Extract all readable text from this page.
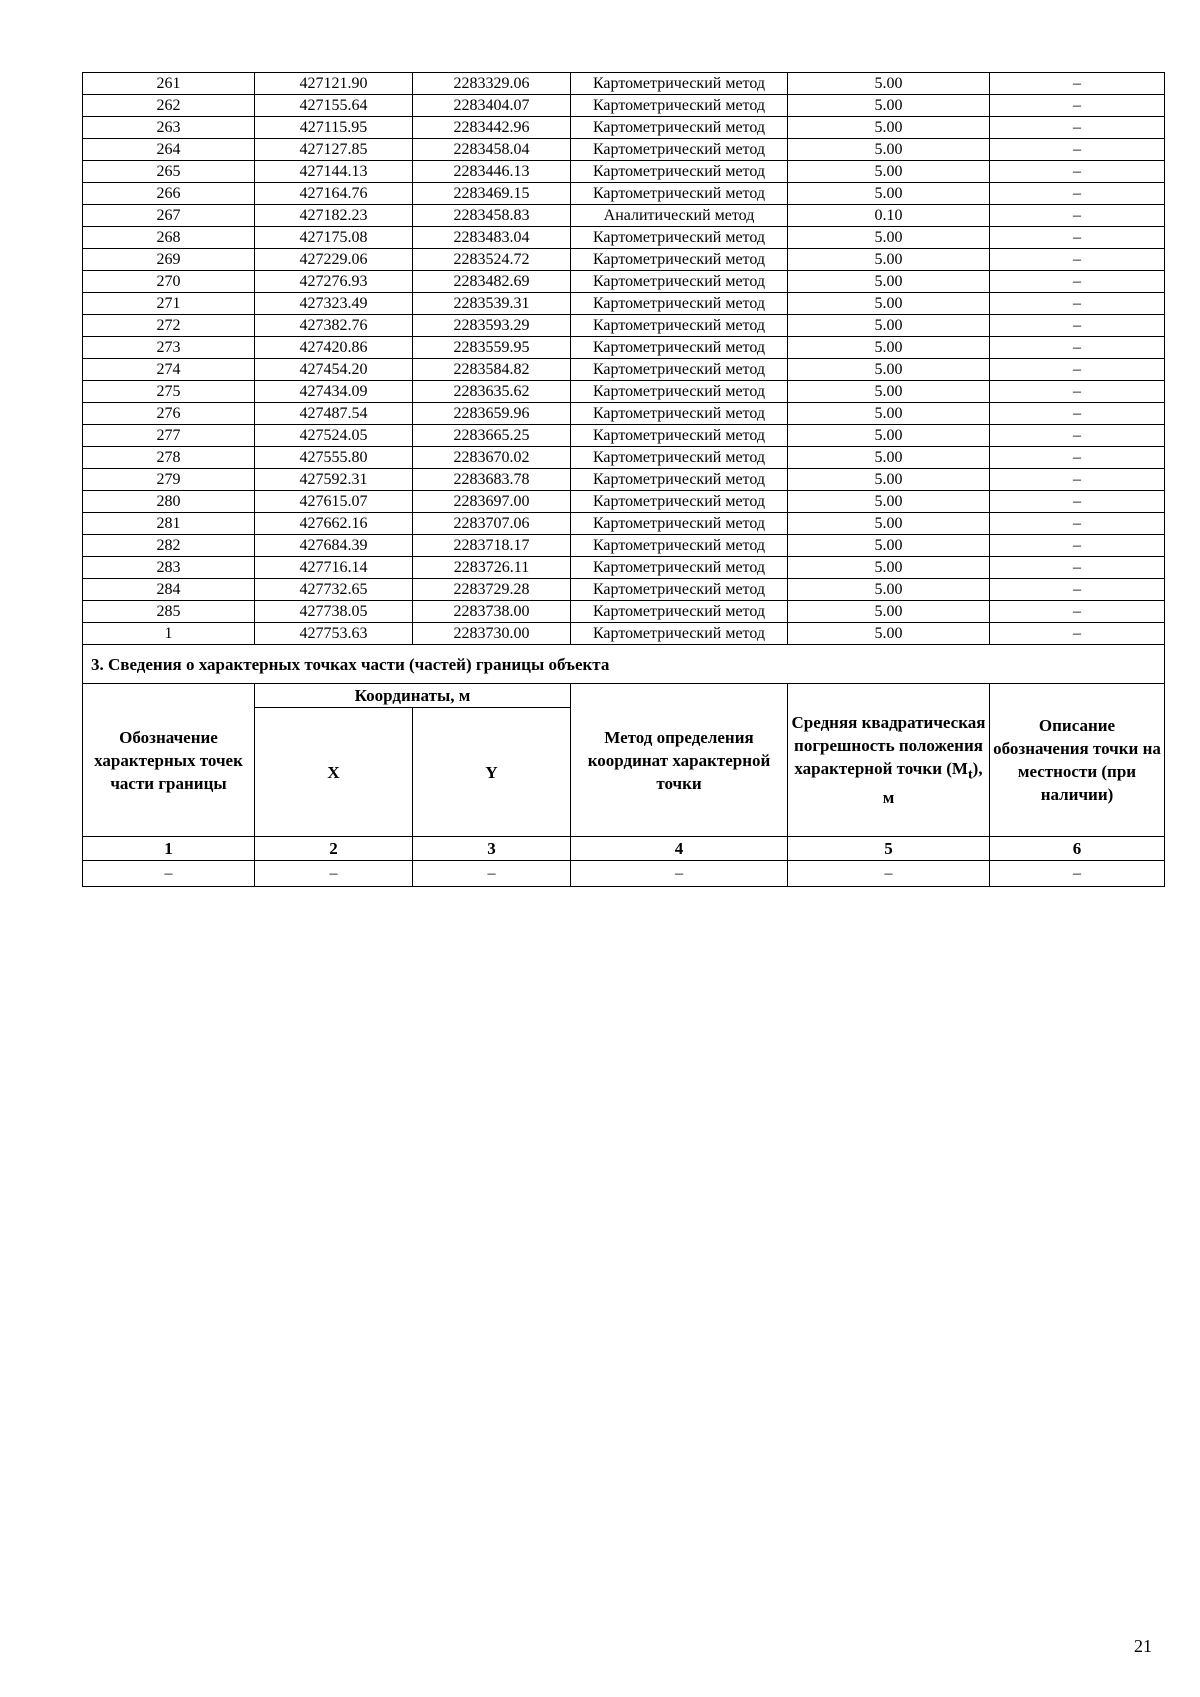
261	427121.90	2283329.06	Картометрический метод	5.00	–
262	427155.64	2283404.07	Картометрический метод	5.00	–
263	427115.95	2283442.96	Картометрический метод	5.00	–
264	427127.85	2283458.04	Картометрический метод	5.00	–
265	427144.13	2283446.13	Картометрический метод	5.00	–
266	427164.76	2283469.15	Картометрический метод	5.00	–
267	427182.23	2283458.83	Аналитический метод	0.10	–
268	427175.08	2283483.04	Картометрический метод	5.00	–
269	427229.06	2283524.72	Картометрический метод	5.00	–
270	427276.93	2283482.69	Картометрический метод	5.00	–
271	427323.49	2283539.31	Картометрический метод	5.00	–
272	427382.76	2283593.29	Картометрический метод	5.00	–
273	427420.86	2283559.95	Картометрический метод	5.00	–
274	427454.20	2283584.82	Картометрический метод	5.00	–
275	427434.09	2283635.62	Картометрический метод	5.00	–
276	427487.54	2283659.96	Картометрический метод	5.00	–
277	427524.05	2283665.25	Картометрический метод	5.00	–
278	427555.80	2283670.02	Картометрический метод	5.00	–
279	427592.31	2283683.78	Картометрический метод	5.00	–
280	427615.07	2283697.00	Картометрический метод	5.00	–
281	427662.16	2283707.06	Картометрический метод	5.00	–
282	427684.39	2283718.17	Картометрический метод	5.00	–
283	427716.14	2283726.11	Картометрический метод	5.00	–
284	427732.65	2283729.28	Картометрический метод	5.00	–
285	427738.05	2283738.00	Картометрический метод	5.00	–
1	427753.63	2283730.00	Картометрический метод	5.00	–
3. Сведения о характерных точках части (частей) границы объекта					
Обозначение характерных точек части границы	Координаты, м		Метод определения координат характерной точки	Средняя квадратическая погрешность положения характерной точки $(M_t)$, м	Описание обозначения точки на местности (при наличии)
	X	Y			
1	2	3	4	5	6
–	–	–	–	–	–
21
